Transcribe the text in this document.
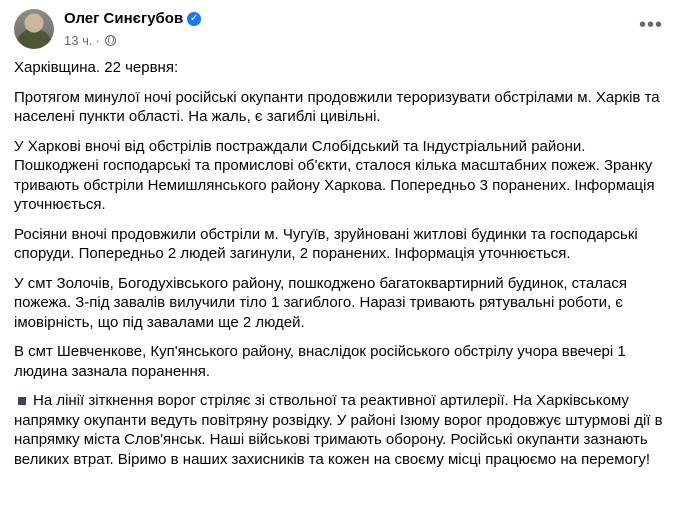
Олег Синєгубов ✓
13 ч. ·
•••

Харківщина. 22 червня:

Протягом минулої ночі російські окупанти продовжили тероризувати обстрілами м. Харків та населені пункти області. На жаль, є загиблі цивільні.

У Харкові вночі від обстрілів постраждали Слобідський та Індустріальний райони. Пошкоджені господарські та промислові об'єкти, сталося кілька масштабних пожеж. Зранку тривають обстріли Немишлянського району Харкова. Попередньо 3 поранених. Інформація уточнюється.

Росіяни вночі продовжили обстріли м. Чугуїв, зруйновані житлові будинки та господарські споруди. Попередньо 2 людей загинули, 2 поранених. Інформація уточнюється.

У смт Золочів, Богодухівського району, пошкоджено багатоквартирний будинок, сталася пожежа. З-під завалів вилучили тіло 1 загиблого. Наразі тривають рятувальні роботи, є імовірність, що під завалами ще 2 людей.

В смт Шевченкове, Куп'янського району, внаслідок російського обстрілу учора ввечері 1 людина зазнала поранення.

На лінії зіткнення ворог стріляє зі ствольної та реактивної артилерії. На Харківському напрямку окупанти ведуть повітряну розвідку. У районі Ізюму ворог продовжує штурмові дії в напрямку міста Слов'янськ. Наші військові тримають оборону. Російські окупанти зазнають великих втрат. Віримо в наших захисників та кожен на своєму місці працюємо на перемогу!
